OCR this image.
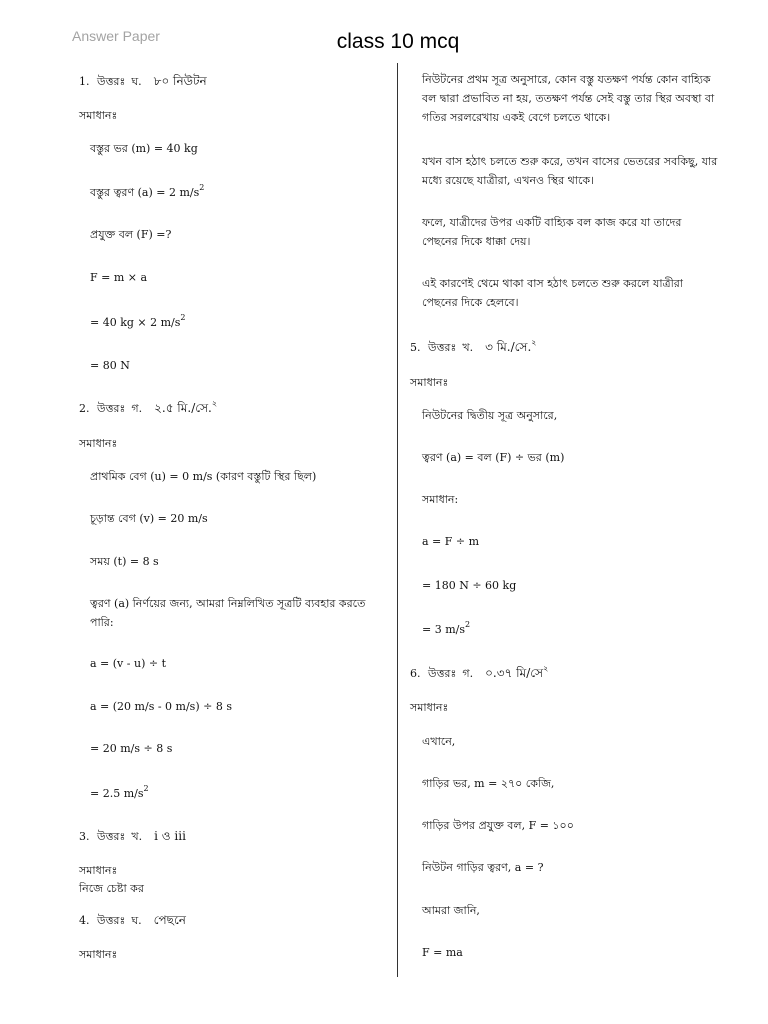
Answer Paper	class 10 mcq
1. উত্তরঃ ঘ. ৮০ নিউটন
সমাধানঃ
বস্তুর ভর (m) = 40 kg
বস্তুর ত্বরণ (a) = 2 $m/s^2$
প্রযুক্ত বল (F) =?
F = m × a
= 40 kg × 2 $m/s^2$
= 80 N
2. উত্তরঃ গ. ২.৫ মি./সে.$^২$
সমাধানঃ
প্রাথমিক বেগ (u) = 0 m/s (কারণ বস্তুটি স্থির ছিল)
চূড়ান্ত বেগ (v) = 20 m/s
সময় (t) = 8 s
ত্বরণ (a) নির্ণয়ের জন্য, আমরা নিম্নলিখিত সূত্রটি ব্যবহার করতে পারি:
a = (v - u) ÷ t
a = (20 m/s - 0 m/s) ÷ 8 s
= 20 m/s ÷ 8 s
= 2.5 $m/s^2$
3. উত্তরঃ খ. i ও iii
সমাধানঃ
নিজে চেষ্টা কর
4. উত্তরঃ ঘ. পেছনে
সমাধানঃ
নিউটনের প্রথম সূত্র অনুসারে, কোন বস্তু যতক্ষণ পর্যন্ত কোন বাহ্যিক বল দ্বারা প্রভাবিত না হয়, ততক্ষণ পর্যন্ত সেই বস্তু তার স্থির অবস্থা বা গতির সরলরেখায় একই বেগে চলতে থাকে।
যখন বাস হঠাৎ চলতে শুরু করে, তখন বাসের ভেতরের সবকিছু, যার মধ্যে রয়েছে যাত্রীরা, এখনও স্থির থাকে।
ফলে, যাত্রীদের উপর একটি বাহ্যিক বল কাজ করে যা তাদের পেছনের দিকে ধাক্কা দেয়।
এই কারণেই থেমে থাকা বাস হঠাৎ চলতে শুরু করলে যাত্রীরা পেছনের দিকে হেলবে।
5. উত্তরঃ খ. ৩ মি./সে.$^২$
সমাধানঃ
নিউটনের দ্বিতীয় সূত্র অনুসারে,
ত্বরণ (a) = বল (F) ÷ ভর (m)
সমাধান:
a = F ÷ m
= 180 N ÷ 60 kg
= 3 $m/s^2$
6. উত্তরঃ গ. ০.৩৭ মি/সে$^২$
সমাধানঃ
এখানে,
গাড়ির ভর, m = ২৭০ কেজি,
গাড়ির উপর প্রযুক্ত বল, F = ১০০
নিউটন গাড়ির ত্বরণ, a = ?
আমরা জানি,
F = ma
